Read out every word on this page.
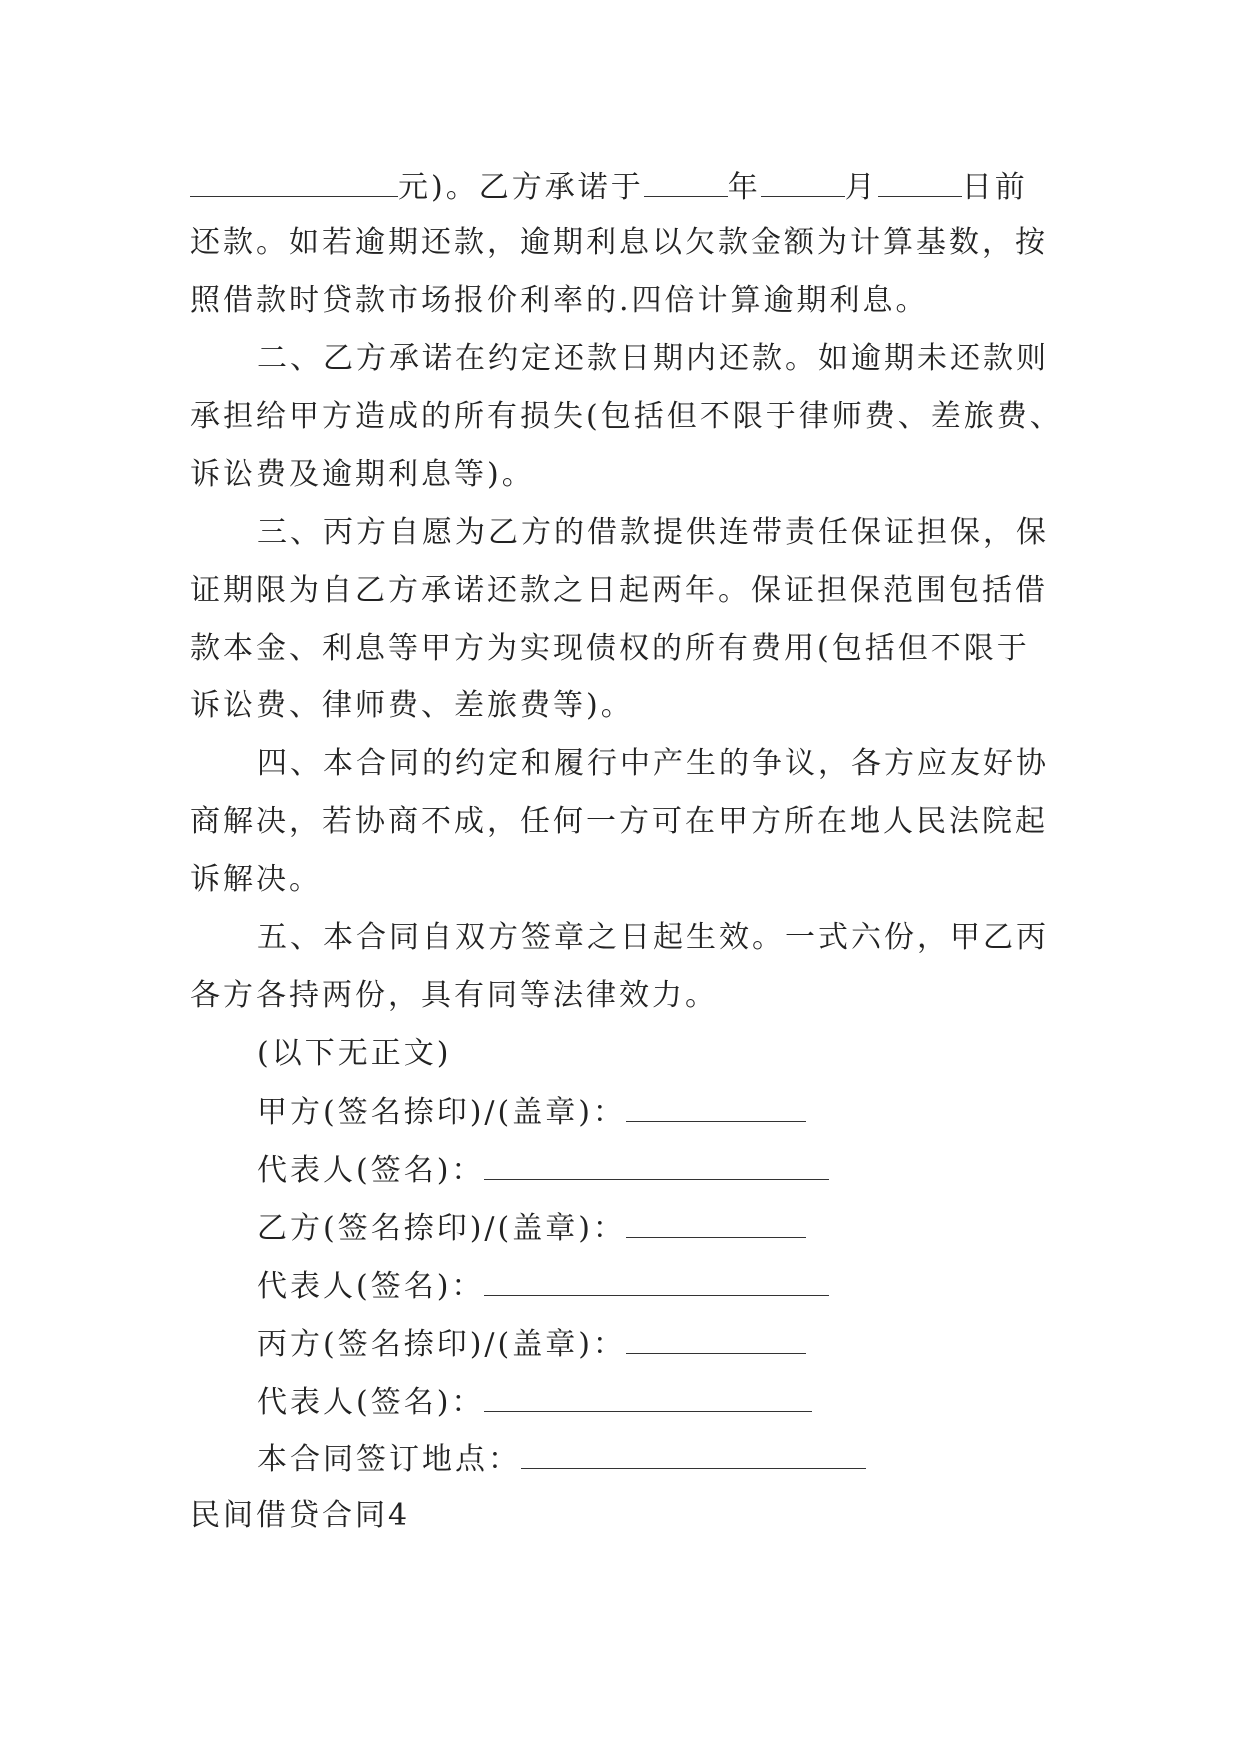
元)。乙方承诺于	年	月	日前
还款。如若逾期还款，逾期利息以欠款金额为计算基数，按
照借款时贷款市场报价利率的.四倍计算逾期利息。
二、乙方承诺在约定还款日期内还款。如逾期未还款则
承担给甲方造成的所有损失(包括但不限于律师费、差旅费、
诉讼费及逾期利息等)。
三、丙方自愿为乙方的借款提供连带责任保证担保，保
证期限为自乙方承诺还款之日起两年。保证担保范围包括借
款本金、利息等甲方为实现债权的所有费用(包括但不限于
诉讼费、律师费、差旅费等)。
四、本合同的约定和履行中产生的争议，各方应友好协
商解决，若协商不成，任何一方可在甲方所在地人民法院起
诉解决。
五、本合同自双方签章之日起生效。一式六份，甲乙丙
各方各持两份，具有同等法律效力。
(以下无正文)
甲方(签名捺印)/(盖章)：
代表人(签名)：
乙方(签名捺印)/(盖章)：
代表人(签名)：
丙方(签名捺印)/(盖章)：
代表人(签名)：
本合同签订地点：
民间借贷合同4
